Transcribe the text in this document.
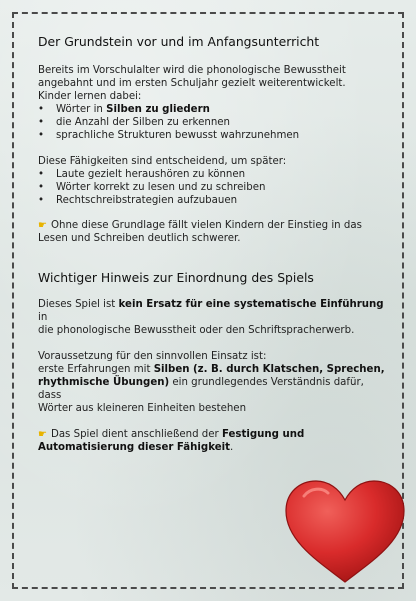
Der Grundstein vor und im Anfangsunterricht

Bereits im Vorschulalter wird die phonologische Bewusstheit

angebahnt und im ersten Schuljahr gezielt weiterentwickelt.

Kinder lernen dabei:

• Wörter in Silben zu gliedern
• die Anzahl der Silben zu erkennen
• sprachliche Strukturen bewusst wahrzunehmen

Diese Fähigkeiten sind entscheidend, um später:

• Laute gezielt heraushören zu können
• Wörter korrekt zu lesen und zu schreiben
• Rechtschreibstrategien aufzubauen

☛ Ohne diese Grundlage fällt vielen Kindern der Einstieg in das

Lesen und Schreiben deutlich schwerer.

Wichtiger Hinweis zur Einordnung des Spiels

Dieses Spiel ist kein Ersatz für eine systematische Einführung in

die phonologische Bewusstheit oder den Schriftspracherwerb.

Voraussetzung für den sinnvollen Einsatz ist:

erste Erfahrungen mit Silben (z. B. durch Klatschen, Sprechen,

rhythmische Übungen) ein grundlegendes Verständnis dafür, dass

Wörter aus kleineren Einheiten bestehen

☛ Das Spiel dient anschließend der Festigung und

Automatisierung dieser Fähigkeit.
